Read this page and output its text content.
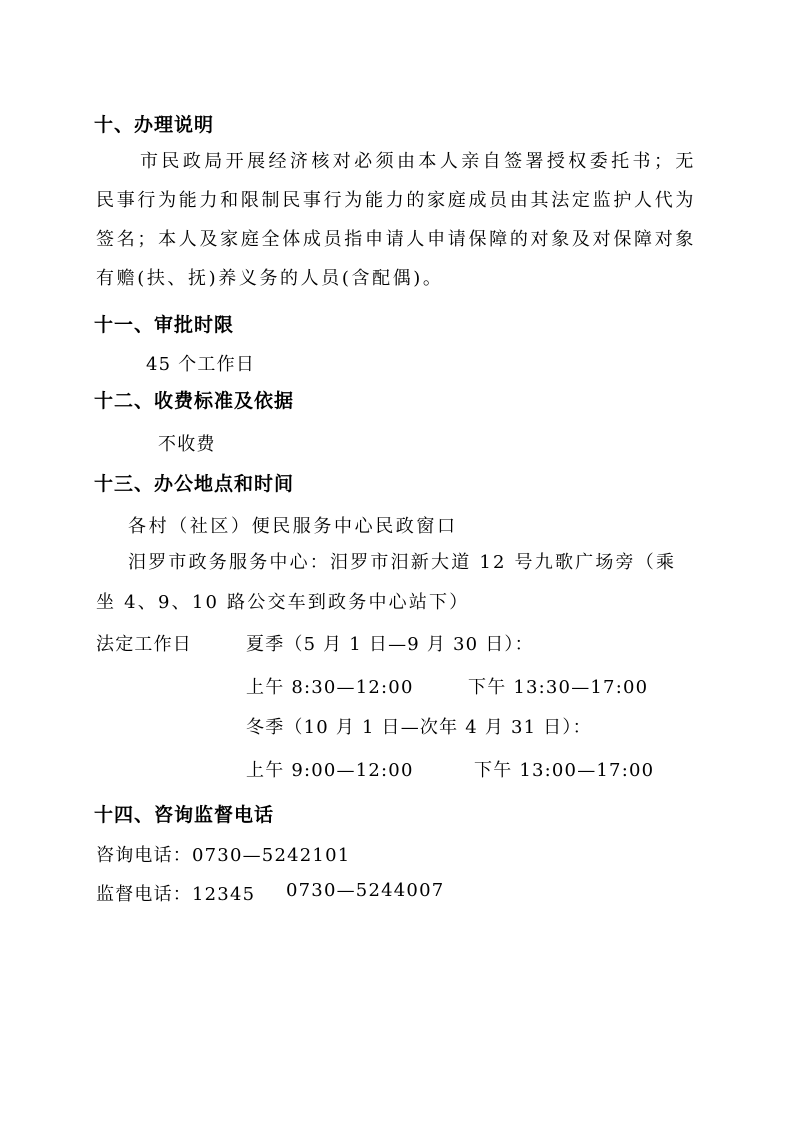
十、办理说明
市民政局开展经济核对必须由本人亲自签署授权委托书；无民事行为能力和限制民事行为能力的家庭成员由其法定监护人代为签名；本人及家庭全体成员指申请人申请保障的对象及对保障对象有赡(扶、抚)养义务的人员(含配偶)。
十一、审批时限
45 个工作日
十二、收费标准及依据
不收费
十三、办公地点和时间
各村（社区）便民服务中心民政窗口
汨罗市政务服务中心：汨罗市汨新大道 12 号九歌广场旁（乘
坐 4、9、10 路公交车到政务中心站下）
法定工作日	夏季（5 月 1 日—9 月 30 日）：
上午 8:30—12:00	下午 13:30—17:00
冬季（10 月 1 日—次年 4 月 31 日）：
上午 9:00—12:00	下午 13:00—17:00
十四、咨询监督电话
咨询电话：0730—5242101
监督电话：12345 0730—5244007
